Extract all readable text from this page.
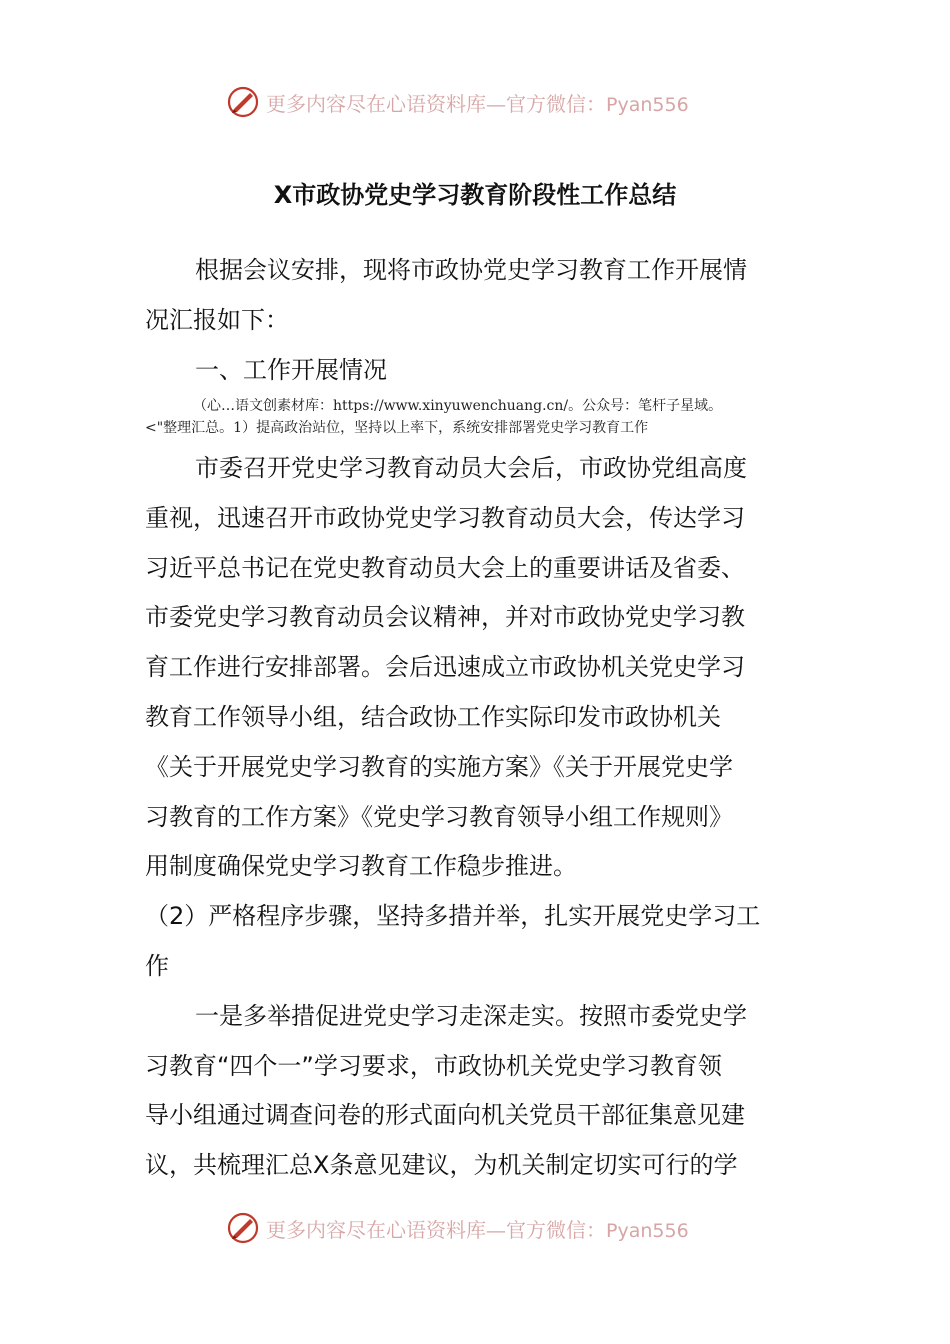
更多内容尽在心语资料库—官方微信：Pyan556
X市政协党史学习教育阶段性工作总结
根据会议安排，现将市政协党史学习教育工作开展情
况汇报如下：
一、工作开展情况
（心…语文创素材库：https://www.xinyuwenchuang.cn/。公众号：笔杆子星域。
<"整理汇总。1）提高政治站位，坚持以上率下，系统安排部署党史学习教育工作
市委召开党史学习教育动员大会后，市政协党组高度
重视，迅速召开市政协党史学习教育动员大会，传达学习
习近平总书记在党史教育动员大会上的重要讲话及省委、
市委党史学习教育动员会议精神，并对市政协党史学习教
育工作进行安排部署。会后迅速成立市政协机关党史学习
教育工作领导小组，结合政协工作实际印发市政协机关
《关于开展党史学习教育的实施方案》《关于开展党史学
习教育的工作方案》《党史学习教育领导小组工作规则》
用制度确保党史学习教育工作稳步推进。
（2）严格程序步骤，坚持多措并举，扎实开展党史学习工
作
一是多举措促进党史学习走深走实。按照市委党史学
习教育“四个一”学习要求，市政协机关党史学习教育领
导小组通过调查问卷的形式面向机关党员干部征集意见建
议，共梳理汇总X条意见建议，为机关制定切实可行的学
更多内容尽在心语资料库—官方微信：Pyan556
